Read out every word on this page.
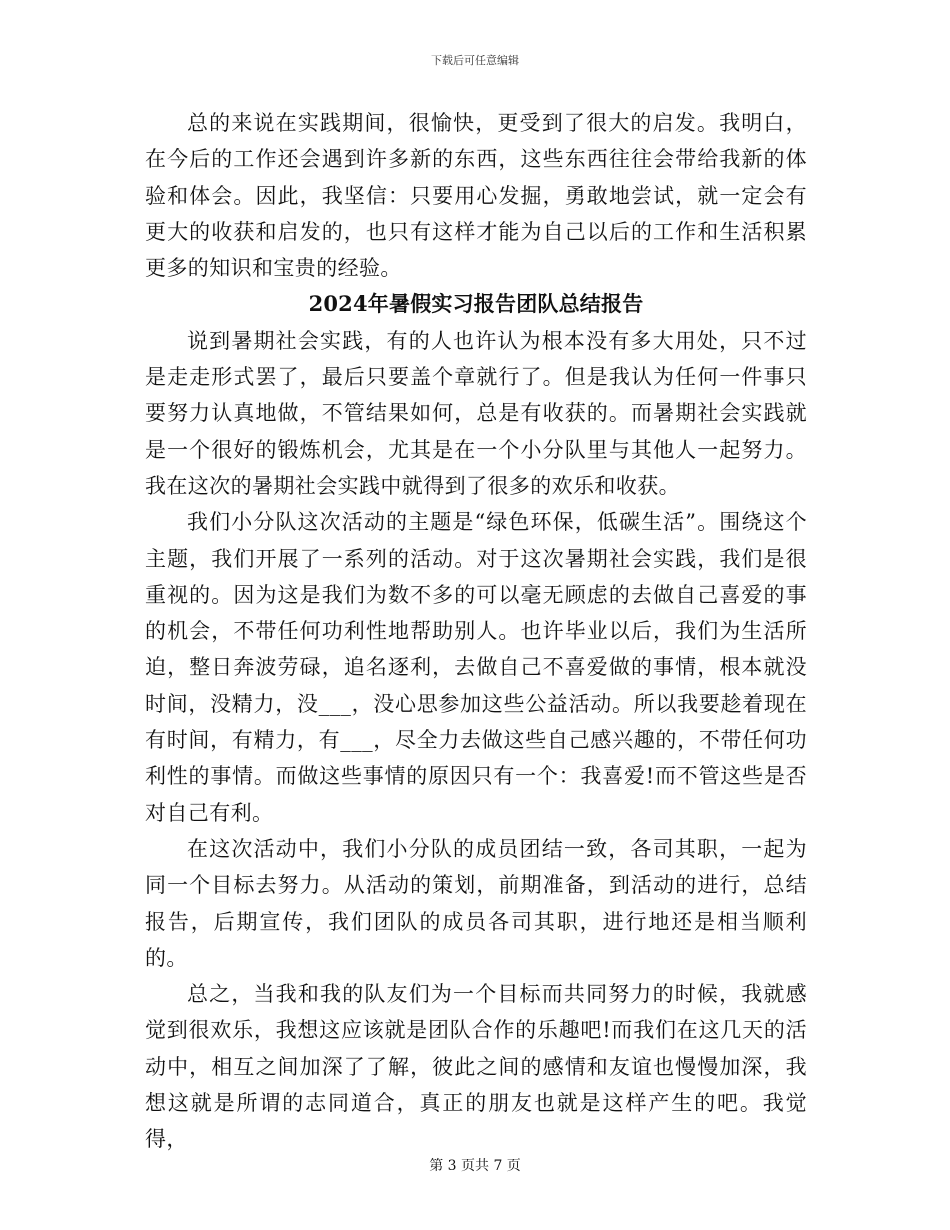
下载后可任意编辑

总的来说在实践期间，很愉快，更受到了很大的启发。我明白，在今后的工作还会遇到许多新的东西，这些东西往往会带给我新的体验和体会。因此，我坚信：只要用心发掘，勇敢地尝试，就一定会有更大的收获和启发的，也只有这样才能为自己以后的工作和生活积累更多的知识和宝贵的经验。

2024年暑假实习报告团队总结报告

说到暑期社会实践，有的人也许认为根本没有多大用处，只不过是走走形式罢了，最后只要盖个章就行了。但是我认为任何一件事只要努力认真地做，不管结果如何，总是有收获的。而暑期社会实践就是一个很好的锻炼机会，尤其是在一个小分队里与其他人一起努力。我在这次的暑期社会实践中就得到了很多的欢乐和收获。

我们小分队这次活动的主题是“绿色环保，低碳生活”。围绕这个主题，我们开展了一系列的活动。对于这次暑期社会实践，我们是很重视的。因为这是我们为数不多的可以毫无顾虑的去做自己喜爱的事的机会，不带任何功利性地帮助别人。也许毕业以后，我们为生活所迫，整日奔波劳碌，追名逐利，去做自己不喜爱做的事情，根本就没时间，没精力，没___，没心思参加这些公益活动。所以我要趁着现在有时间，有精力，有___，尽全力去做这些自己感兴趣的，不带任何功利性的事情。而做这些事情的原因只有一个：我喜爱!而不管这些是否对自己有利。

在这次活动中，我们小分队的成员团结一致，各司其职，一起为同一个目标去努力。从活动的策划，前期准备，到活动的进行，总结报告，后期宣传，我们团队的成员各司其职，进行地还是相当顺利的。

总之，当我和我的队友们为一个目标而共同努力的时候，我就感觉到很欢乐，我想这应该就是团队合作的乐趣吧!而我们在这几天的活动中，相互之间加深了了解，彼此之间的感情和友谊也慢慢加深，我想这就是所谓的志同道合，真正的朋友也就是这样产生的吧。我觉得，

第 3 页共 7 页
